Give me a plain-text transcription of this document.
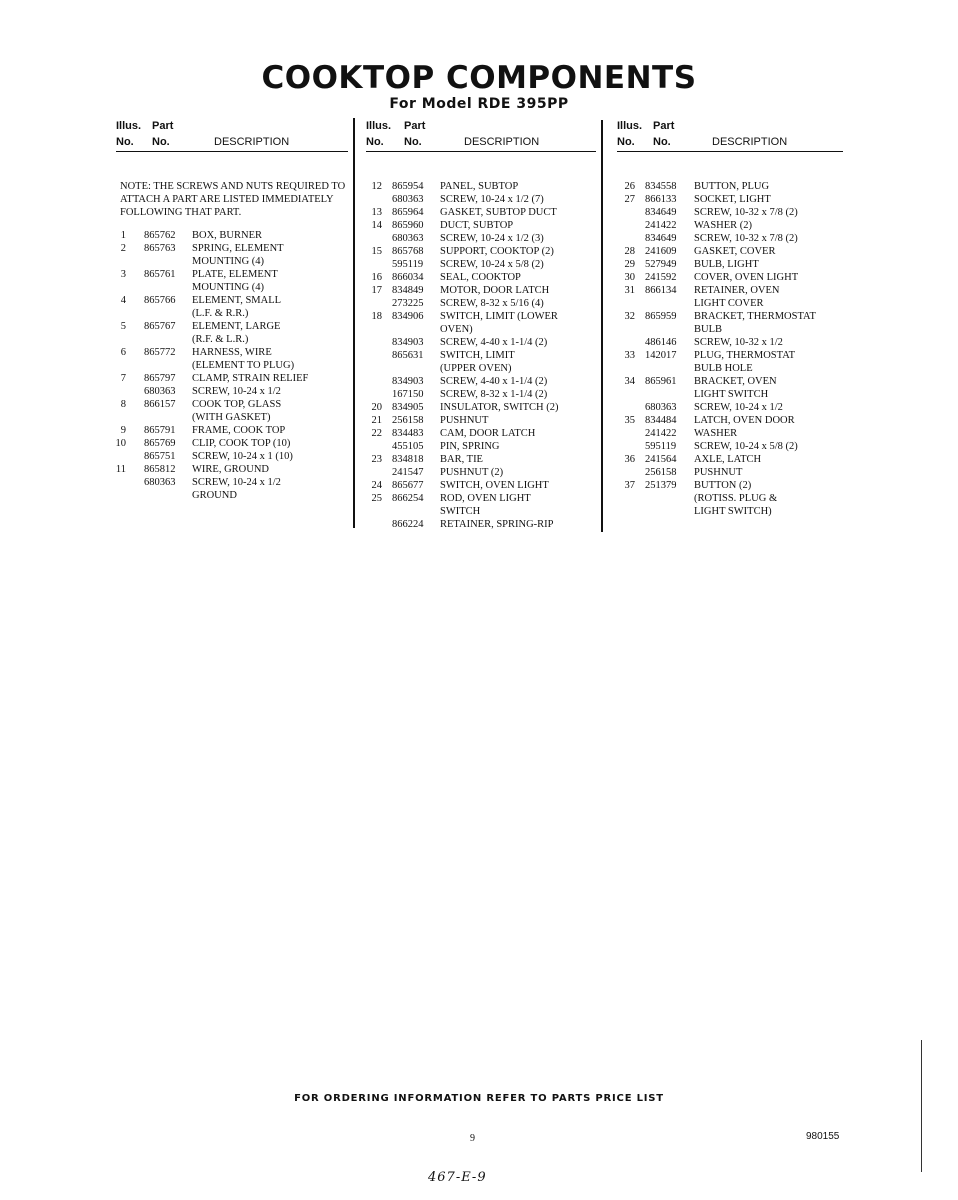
COOKTOP COMPONENTS
For Model RDE 395PP
Illus. Part
No. No.	DESCRIPTION
NOTE: THE SCREWS AND NUTS REQUIRED TO ATTACH A PART ARE LISTED IMMEDIATELY FOLLOWING THAT PART.
1 865762 BOX, BURNER
2 865763 SPRING, ELEMENT
MOUNTING (4)
3 865761 PLATE, ELEMENT
MOUNTING (4)
4 865766 ELEMENT, SMALL
(L.F. & R.R.)
5 865767 ELEMENT, LARGE
(R.F. & L.R.)
6 865772 HARNESS, WIRE
(ELEMENT TO PLUG)
7 865797 CLAMP, STRAIN RELIEF
680363 SCREW, 10-24 x 1/2
8 866157 COOK TOP, GLASS
(WITH GASKET)
9 865791 FRAME, COOK TOP
10 865769 CLIP, COOK TOP (10)
865751 SCREW, 10-24 x 1 (10)
11 865812 WIRE, GROUND
680363 SCREW, 10-24 x 1/2
GROUND
Illus. Part
No. No.	DESCRIPTION
12 865954 PANEL, SUBTOP
680363 SCREW, 10-24 x 1/2 (7)
13 865964 GASKET, SUBTOP DUCT
14 865960 DUCT, SUBTOP
680363 SCREW, 10-24 x 1/2 (3)
15 865768 SUPPORT, COOKTOP (2)
595119 SCREW, 10-24 x 5/8 (2)
16 866034 SEAL, COOKTOP
17 834849 MOTOR, DOOR LATCH
273225 SCREW, 8-32 x 5/16 (4)
18 834906 SWITCH, LIMIT (LOWER
OVEN)
834903 SCREW, 4-40 x 1-1/4 (2)
865631 SWITCH, LIMIT
(UPPER OVEN)
834903 SCREW, 4-40 x 1-1/4 (2)
167150 SCREW, 8-32 x 1-1/4 (2)
20 834905 INSULATOR, SWITCH (2)
21 256158 PUSHNUT
22 834483 CAM, DOOR LATCH
455105 PIN, SPRING
23 834818 BAR, TIE
241547 PUSHNUT (2)
24 865677 SWITCH, OVEN LIGHT
25 866254 ROD, OVEN LIGHT
SWITCH
866224 RETAINER, SPRING-RIP
Illus. Part
No. No.	DESCRIPTION
26 834558 BUTTON, PLUG
27 866133 SOCKET, LIGHT
834649 SCREW, 10-32 x 7/8 (2)
241422 WASHER (2)
834649 SCREW, 10-32 x 7/8 (2)
28 241609 GASKET, COVER
29 527949 BULB, LIGHT
30 241592 COVER, OVEN LIGHT
31 866134 RETAINER, OVEN
LIGHT COVER
32 865959 BRACKET, THERMOSTAT
BULB
486146 SCREW, 10-32 x 1/2
33 142017 PLUG, THERMOSTAT
BULB HOLE
34 865961 BRACKET, OVEN
LIGHT SWITCH
680363 SCREW, 10-24 x 1/2
35 834484 LATCH, OVEN DOOR
241422 WASHER
595119 SCREW, 10-24 x 5/8 (2)
36 241564 AXLE, LATCH
256158 PUSHNUT
37 251379 BUTTON (2)
(ROTISS. PLUG &
LIGHT SWITCH)
FOR ORDERING INFORMATION REFER TO PARTS PRICE LIST
9	980155
467-E-9
